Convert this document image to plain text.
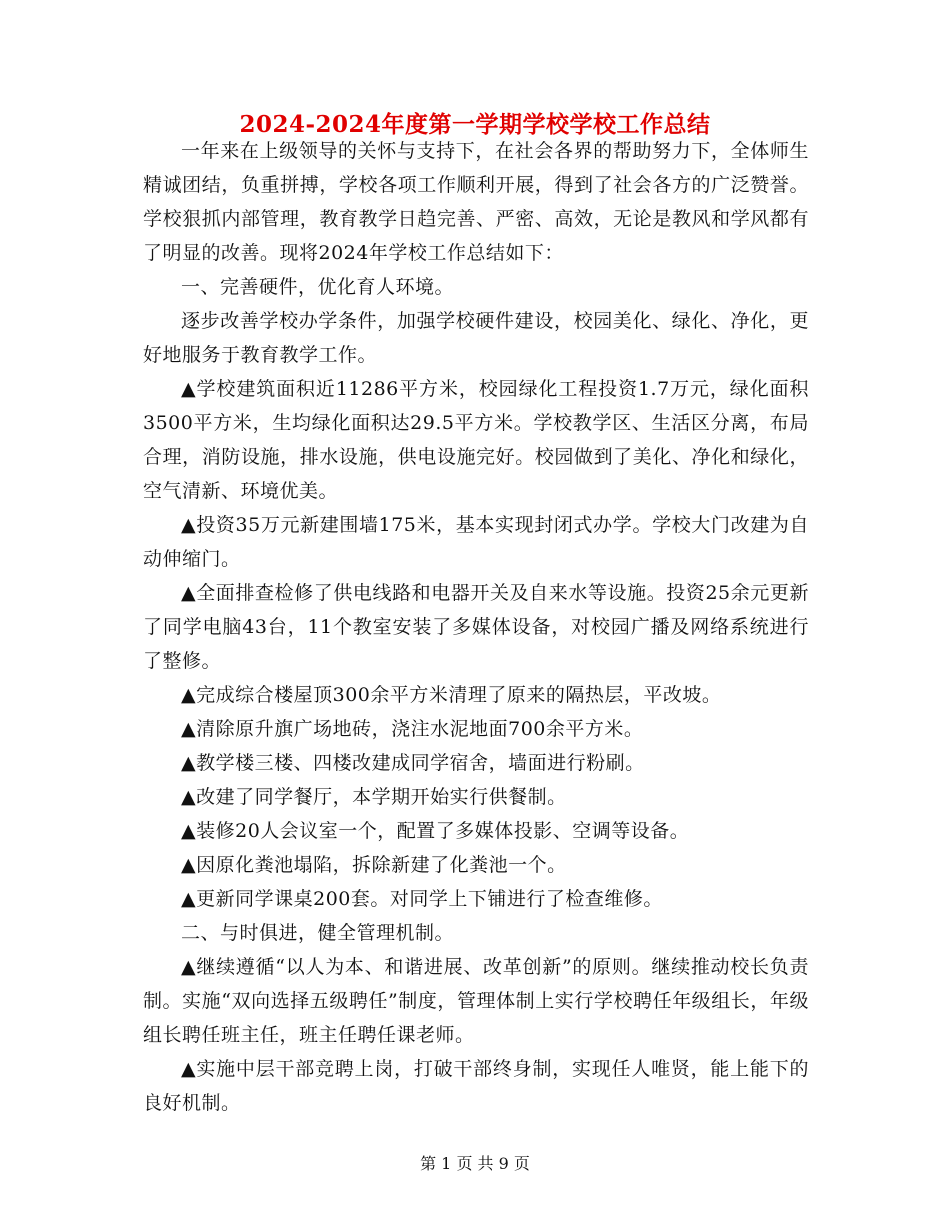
2024-2024年度第一学期学校学校工作总结

一年来在上级领导的关怀与支持下，在社会各界的帮助努力下，全体师生精诚团结，负重拼搏，学校各项工作顺利开展，得到了社会各方的广泛赞誉。学校狠抓内部管理，教育教学日趋完善、严密、高效，无论是教风和学风都有了明显的改善。现将2024年学校工作总结如下：

一、完善硬件，优化育人环境。

逐步改善学校办学条件，加强学校硬件建设，校园美化、绿化、净化，更好地服务于教育教学工作。

▲学校建筑面积近11286平方米，校园绿化工程投资1.7万元，绿化面积3500平方米，生均绿化面积达29.5平方米。学校教学区、生活区分离，布局合理，消防设施，排水设施，供电设施完好。校园做到了美化、净化和绿化，空气清新、环境优美。

▲投资35万元新建围墙175米，基本实现封闭式办学。学校大门改建为自动伸缩门。

▲全面排查检修了供电线路和电器开关及自来水等设施。投资25余元更新了同学电脑43台，11个教室安装了多媒体设备，对校园广播及网络系统进行了整修。

▲完成综合楼屋顶300余平方米清理了原来的隔热层，平改坡。

▲清除原升旗广场地砖，浇注水泥地面700余平方米。

▲教学楼三楼、四楼改建成同学宿舍，墙面进行粉刷。

▲改建了同学餐厅，本学期开始实行供餐制。

▲装修20人会议室一个，配置了多媒体投影、空调等设备。

▲因原化粪池塌陷，拆除新建了化粪池一个。

▲更新同学课桌200套。对同学上下铺进行了检查维修。

二、与时俱进，健全管理机制。

▲继续遵循“以人为本、和谐进展、改革创新”的原则。继续推动校长负责制。实施“双向选择五级聘任”制度，管理体制上实行学校聘任年级组长，年级组长聘任班主任，班主任聘任课老师。

▲实施中层干部竞聘上岗，打破干部终身制，实现任人唯贤，能上能下的良好机制。

第 1 页 共 9 页
